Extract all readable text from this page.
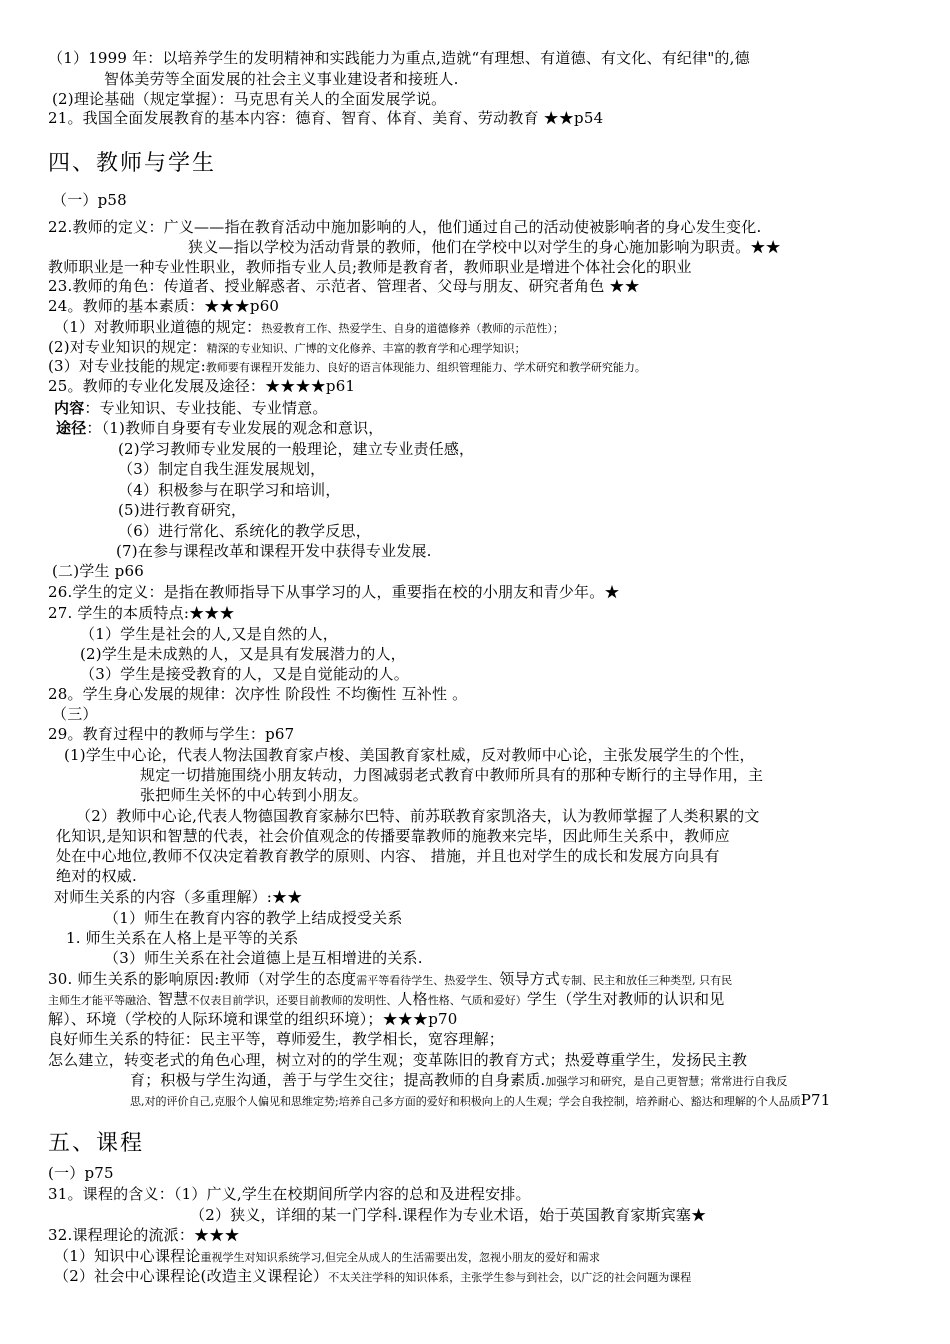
（1）1999 年：以培养学生的发明精神和实践能力为重点,造就“有理想、有道德、有文化、有纪律"的,德
智体美劳等全面发展的社会主义事业建设者和接班人.
(2)理论基础（规定掌握）：马克思有关人的全面发展学说。
21。我国全面发展教育的基本内容：德育、智育、体育、美育、劳动教育 ★★p54
四、教师与学生
（一）p58
22.教师的定义：广义——指在教育活动中施加影响的人，他们通过自己的活动使被影响者的身心发生变化.
狭义—指以学校为活动背景的教师，他们在学校中以对学生的身心施加影响为职责。★★
教师职业是一种专业性职业，教师指专业人员;教师是教育者，教师职业是增进个体社会化的职业
23.教师的角色：传道者、授业解惑者、示范者、管理者、父母与朋友、研究者角色 ★★
24。教师的基本素质：★★★p60
（1）对教师职业道德的规定：热爱教育工作、热爱学生、自身的道德修养（教师的示范性）；
(2)对专业知识的规定：精深的专业知识、广博的文化修养、丰富的教育学和心理学知识；
(3）对专业技能的规定:教师要有课程开发能力、良好的语言体现能力、组织管理能力、学术研究和教学研究能力。
25。教师的专业化发展及途径：★★★★p61
内容：专业知识、专业技能、专业情意。
途径：（1)教师自身要有专业发展的观念和意识，
(2)学习教师专业发展的一般理论，建立专业责任感，
（3）制定自我生涯发展规划，
（4）积极参与在职学习和培训，
(5)进行教育研究，
（6）进行常化、系统化的教学反思，
(7)在参与课程改革和课程开发中获得专业发展.
(二)学生 p66
26.学生的定义：是指在教师指导下从事学习的人，重要指在校的小朋友和青少年。★
27. 学生的本质特点:★★★
（1）学生是社会的人,又是自然的人，
(2)学生是未成熟的人，又是具有发展潜力的人，
（3）学生是接受教育的人，又是自觉能动的人。
28。学生身心发展的规律：次序性 阶段性 不均衡性 互补性 。
（三）
29。教育过程中的教师与学生：p67
(1)学生中心论，代表人物法国教育家卢梭、美国教育家杜威，反对教师中心论，主张发展学生的个性，
规定一切措施围绕小朋友转动，力图减弱老式教育中教师所具有的那种专断行的主导作用，主
张把师生关怀的中心转到小朋友。
（2）教师中心论,代表人物德国教育家赫尔巴特、前苏联教育家凯洛夫，认为教师掌握了人类积累的文
化知识,是知识和智慧的代表，社会价值观念的传播要靠教师的施教来完毕，因此师生关系中，教师应
处在中心地位,教师不仅决定着教育教学的原则、内容、 措施，并且也对学生的成长和发展方向具有
绝对的权威.
对师生关系的内容（多重理解）:★★
（1）师生在教育内容的教学上结成授受关系
1. 师生关系在人格上是平等的关系
（3）师生关系在社会道德上是互相增进的关系.
30. 师生关系的影响原因:教师（对学生的态度需平等看待学生、热爱学生、领导方式专制、民主和放任三种类型, 只有民
主师生才能平等融洽、智慧不仅表目前学识，还要目前教师的发明性、人格性格、气质和爱好）学生（学生对教师的认识和见
解）、环境（学校的人际环境和课堂的组织环境）；★★★p70
良好师生关系的特征：民主平等，尊师爱生，教学相长，宽容理解；
怎么建立，转变老式的角色心理，树立对的的学生观；变革陈旧的教育方式；热爱尊重学生，发扬民主教
育；积极与学生沟通，善于与学生交往；提高教师的自身素质.加强学习和研究，是自己更智慧；常常进行自我反
思,对的评价自己,克服个人偏见和思维定势;培养自己多方面的爱好和积极向上的人生观；学会自我控制，培养耐心、豁达和理解的个人品质P71
五、课程
(一）p75
31。课程的含义：（1）广义,学生在校期间所学内容的总和及进程安排。
（2）狭义，详细的某一门学科.课程作为专业术语，始于英国教育家斯宾塞★
32.课程理论的流派：★★★
（1）知识中心课程论重视学生对知识系统学习,但完全从成人的生活需要出发，忽视小朋友的爱好和需求
（2）社会中心课程论(改造主义课程论）不太关注学科的知识体系，主张学生参与到社会，以广泛的社会问题为课程
